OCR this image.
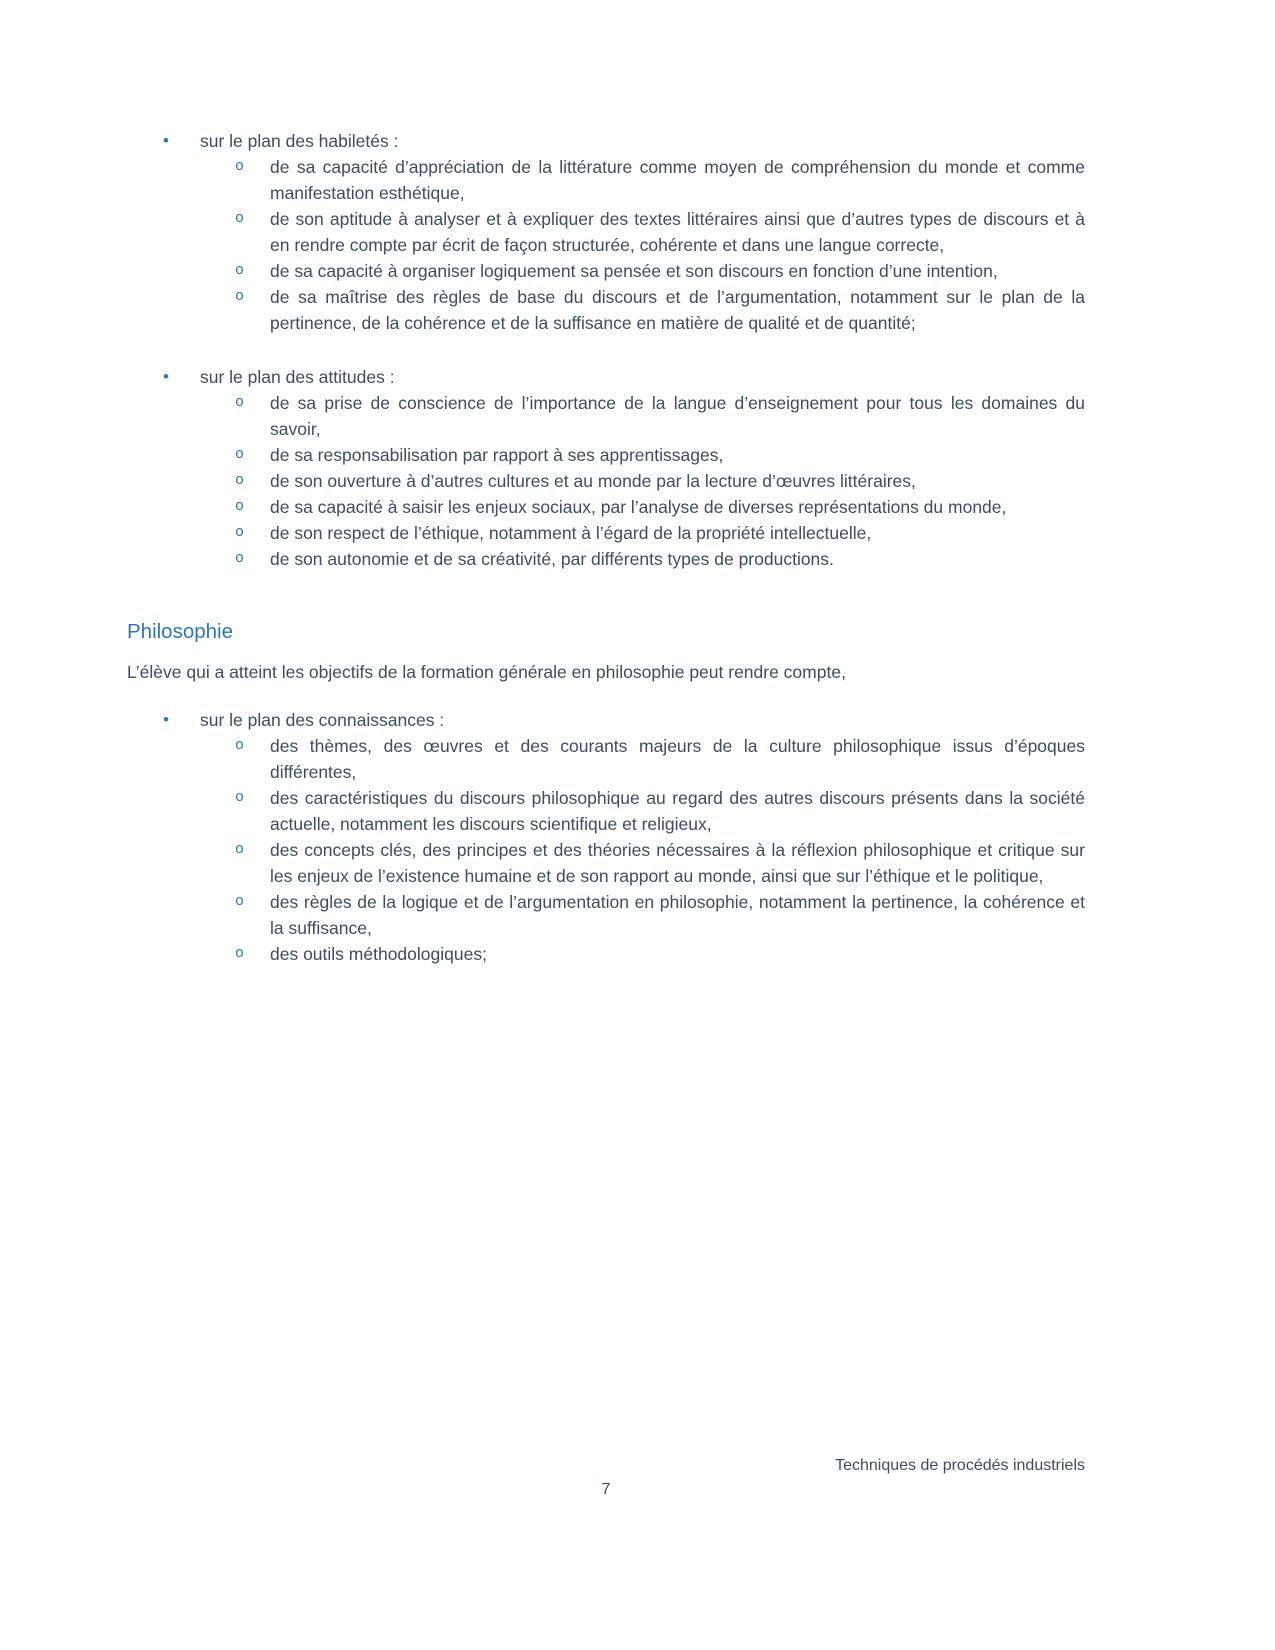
•	sur le plan des habiletés :
o	de sa capacité d’appréciation de la littérature comme moyen de compréhension du monde et comme manifestation esthétique,
o	de son aptitude à analyser et à expliquer des textes littéraires ainsi que d’autres types de discours et à en rendre compte par écrit de façon structurée, cohérente et dans une langue correcte,
o	de sa capacité à organiser logiquement sa pensée et son discours en fonction d’une intention,
o	de sa maîtrise des règles de base du discours et de l’argumentation, notamment sur le plan de la pertinence, de la cohérence et de la suffisance en matière de qualité et de quantité;
•	sur le plan des attitudes :
o	de sa prise de conscience de l’importance de la langue d’enseignement pour tous les domaines du savoir,
o	de sa responsabilisation par rapport à ses apprentissages,
o	de son ouverture à d’autres cultures et au monde par la lecture d’œuvres littéraires,
o	de sa capacité à saisir les enjeux sociaux, par l’analyse de diverses représentations du monde,
o	de son respect de l’éthique, notamment à l’égard de la propriété intellectuelle,
o	de son autonomie et de sa créativité, par différents types de productions.
Philosophie
L’élève qui a atteint les objectifs de la formation générale en philosophie peut rendre compte,
•	sur le plan des connaissances :
o	des thèmes, des œuvres et des courants majeurs de la culture philosophique issus d’époques différentes,
o	des caractéristiques du discours philosophique au regard des autres discours présents dans la société actuelle, notamment les discours scientifique et religieux,
o	des concepts clés, des principes et des théories nécessaires à la réflexion philosophique et critique sur les enjeux de l’existence humaine et de son rapport au monde, ainsi que sur l’éthique et le politique,
o	des règles de la logique et de l’argumentation en philosophie, notamment la pertinence, la cohérence et la suffisance,
o	des outils méthodologiques;
Techniques de procédés industriels
7
